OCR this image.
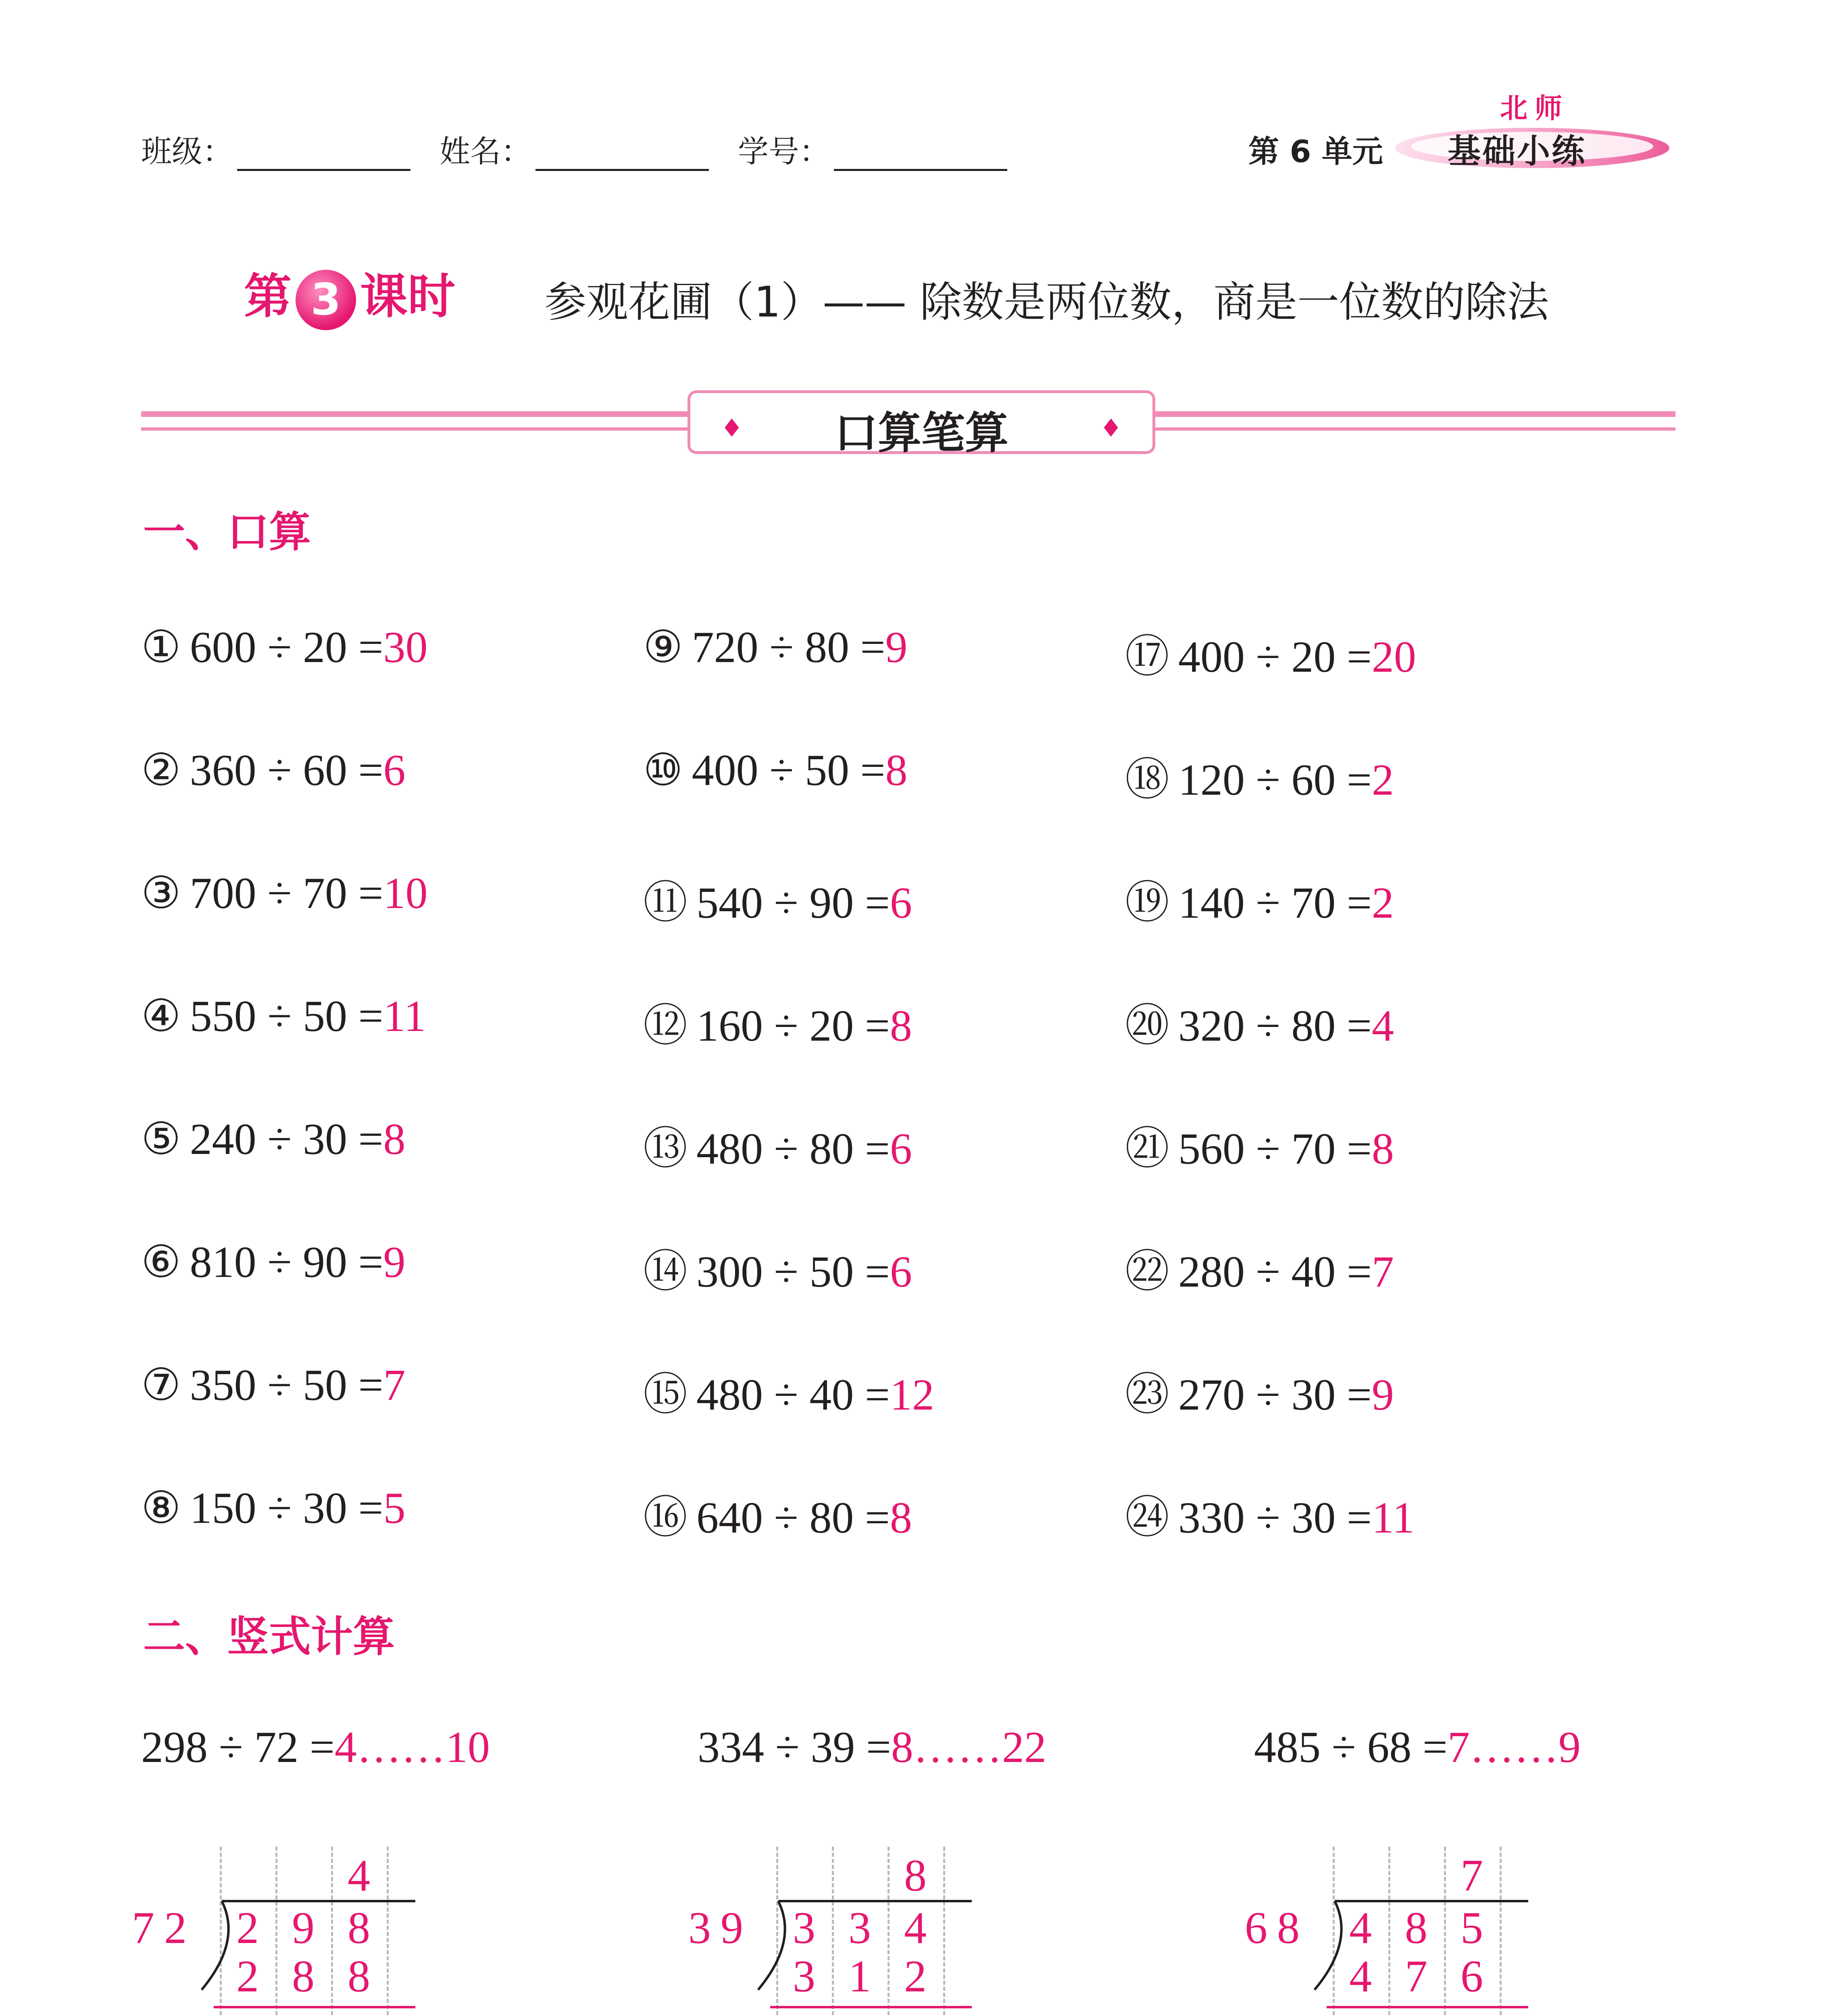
班级：	姓名：	学号：	第 6 单元
北师
基础小练
第 3 课时 参观花圃（1）—— 除数是两位数，商是一位数的除法
♦	口算笔算	♦
一、口算
① 600 ÷ 20 =30
② 360 ÷ 60 =6
③ 700 ÷ 70 =10
④ 550 ÷ 50 =11
⑤ 240 ÷ 30 =8
⑥ 810 ÷ 90 =9
⑦ 350 ÷ 50 =7
⑧ 150 ÷ 30 =5
⑨ 720 ÷ 80 =9
⑩ 400 ÷ 50 =8
⑪ 540 ÷ 90 =6
⑫ 160 ÷ 20 =8
⑬ 480 ÷ 80 =6
⑭ 300 ÷ 50 =6
⑮ 480 ÷ 40 =12
⑯ 640 ÷ 80 =8
⑰ 400 ÷ 20 =20
⑱ 120 ÷ 60 =2
⑲ 140 ÷ 70 =2
⑳ 320 ÷ 80 =4
㉑ 560 ÷ 70 =8
㉒ 280 ÷ 40 =7
㉓ 270 ÷ 30 =9
㉔ 330 ÷ 30 =11
二、竖式计算
298 ÷ 72 =4……10
7 2
4
2 9 8
2 8 8
334 ÷ 39 =8……22
3 9
8
3 3 4
3 1 2
485 ÷ 68 =7……9
6 8
7
4 8 5
4 7 6
